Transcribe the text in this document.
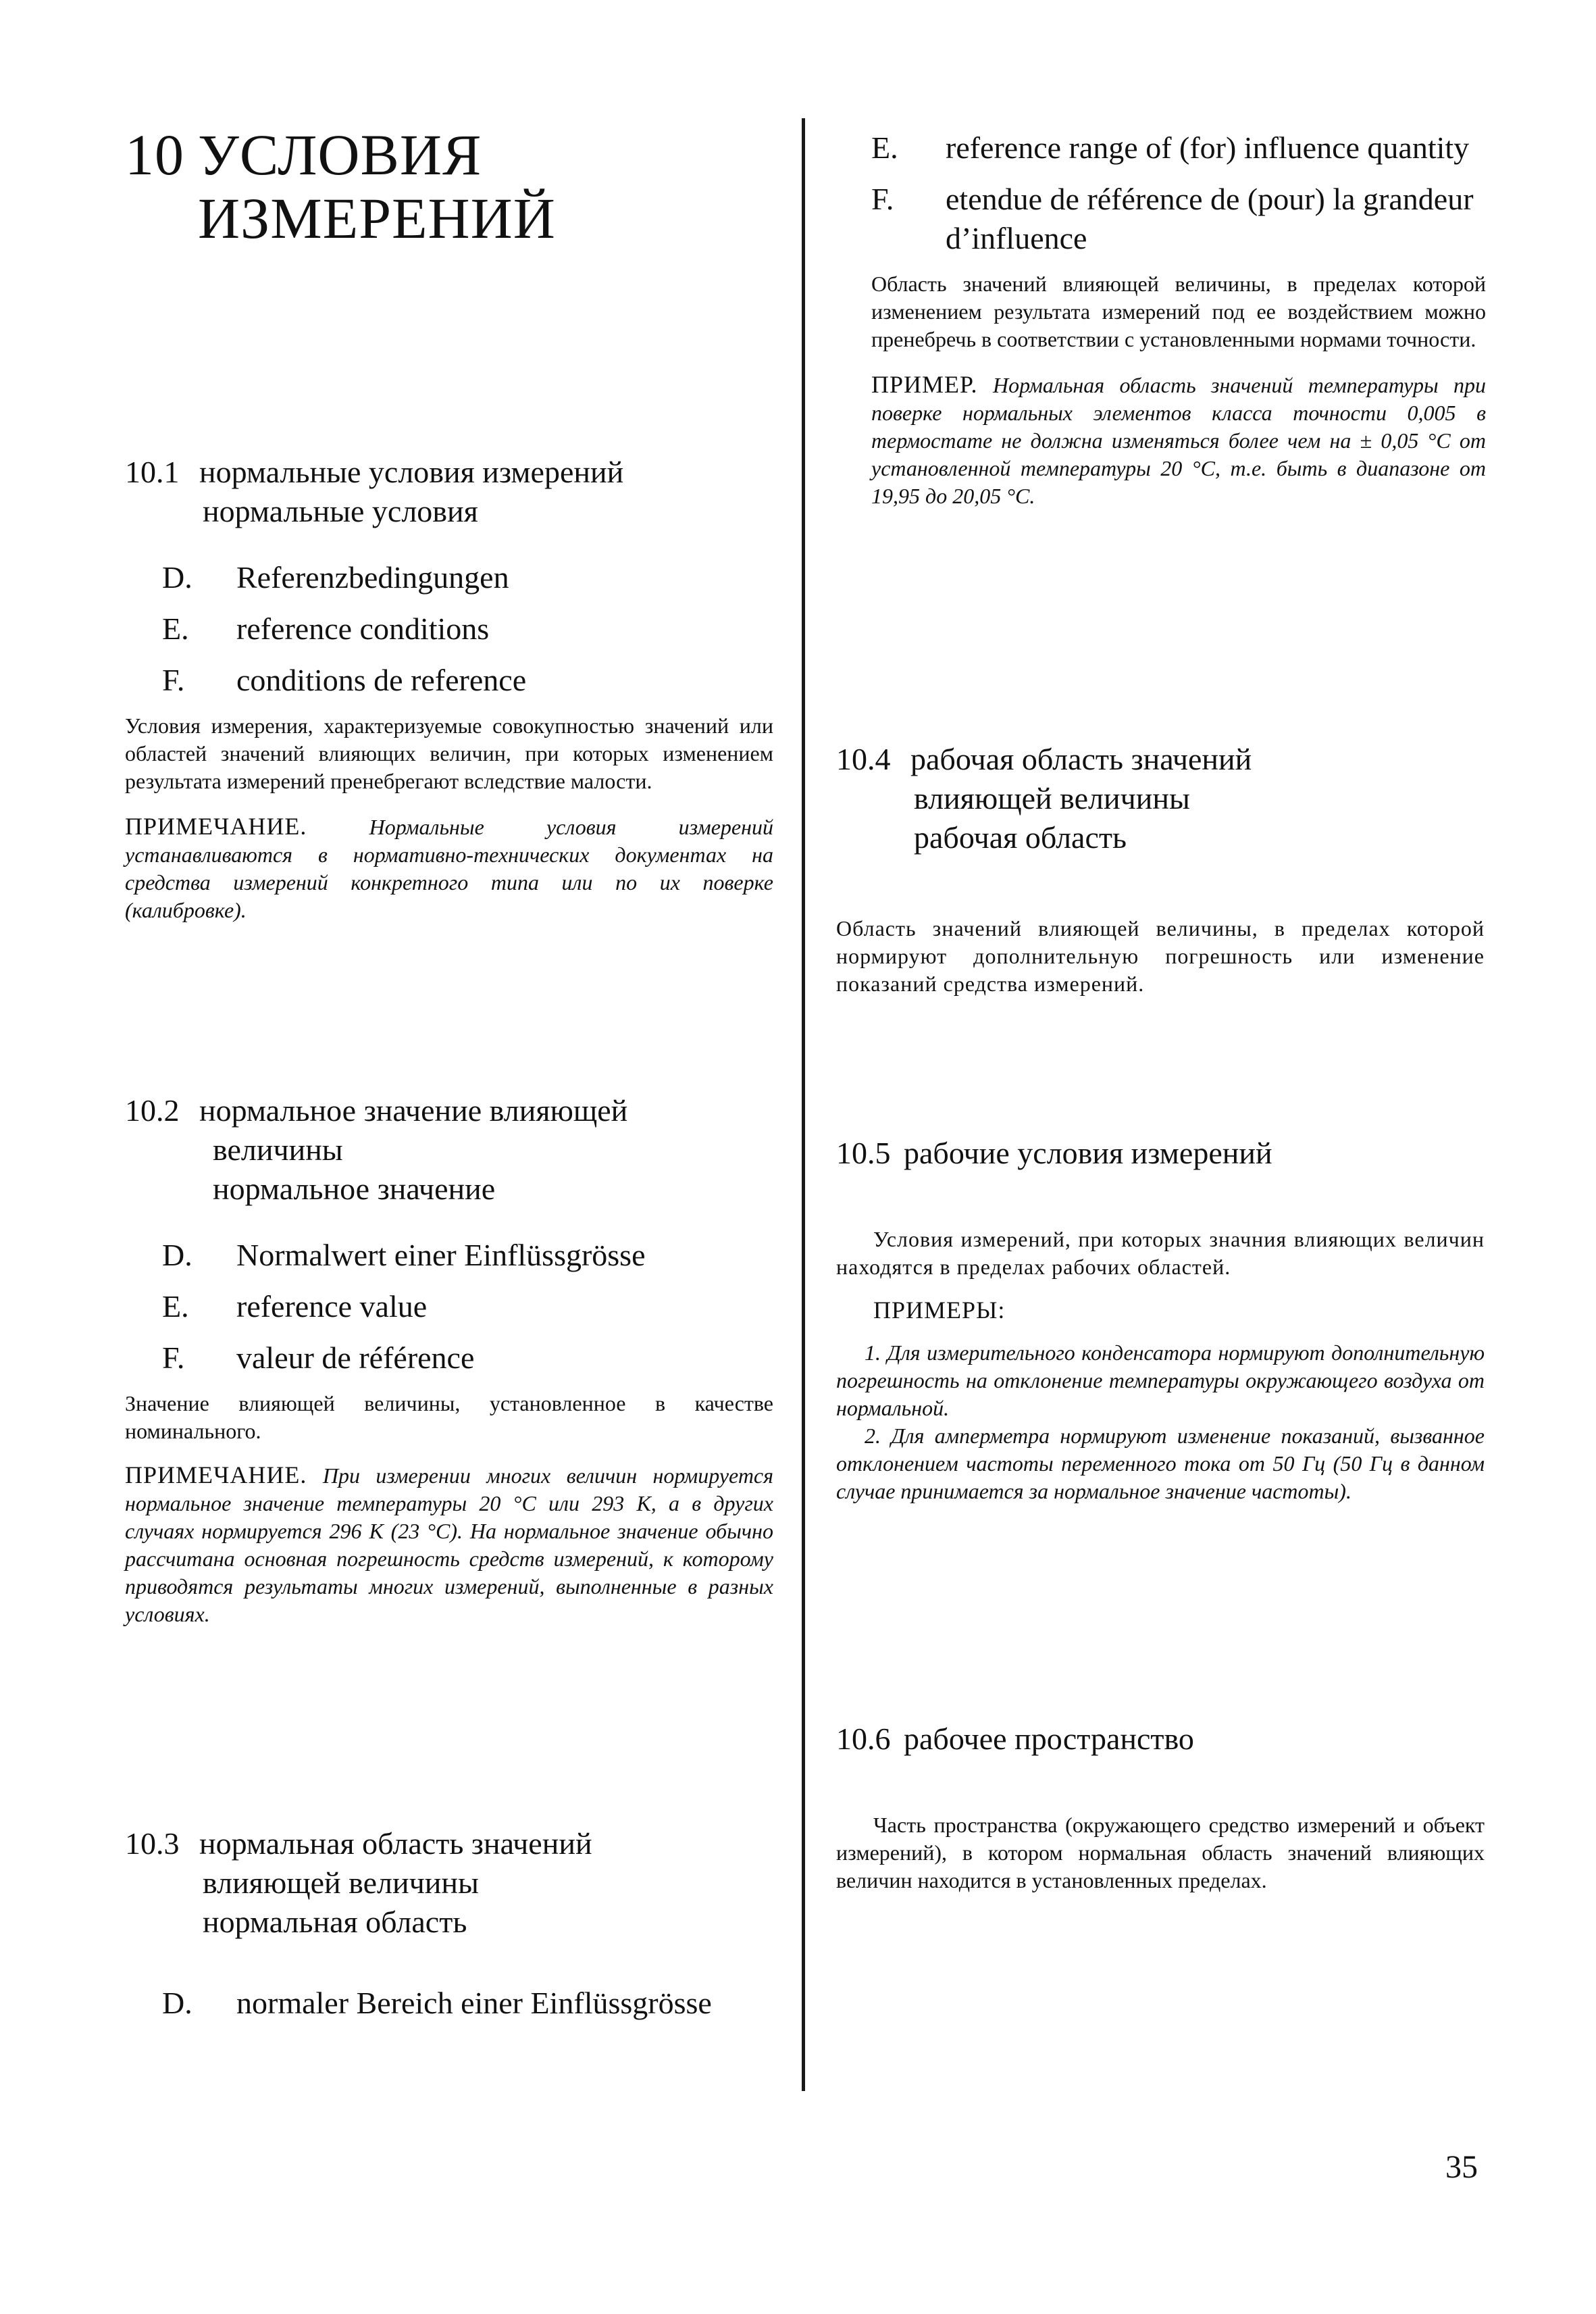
10 УСЛОВИЯ
ИЗМЕРЕНИЙ
10.1 нормальные условия измерений
нормальные условия
D.	Referenzbedingungen
E.	reference conditions
F.	conditions de reference
Условия измерения, характеризуемые совокупностью значений или областей значений влияющих величин, при которых изменением результата измерений пренебрегают вследствие малости.
ПРИМЕЧАНИЕ.	Нормальные условия измерений устанавливаются в нормативно-технических документах на средства измерений конкретного типа или по их поверке (калибровке).
10.2 нормальное значение влияющей
величины
нормальное значение
D.	Normalwert einer Einflüssgrösse
E.	reference value
F.	valeur de référence
Значение влияющей величины, установленное в качестве номинального.
ПРИМЕЧАНИЕ. При измерении многих величин нормируется нормальное значение температуры 20 °С или 293 К, а в других случаях нормируется 296 К (23 °С). На нормальное значение обычно рассчитана основная погрешность средств измерений, к которому приводятся результаты многих измерений, выполненные в разных условиях.
10.3 нормальная область значений
влияющей величины
нормальная область
D.	normaler Bereich einer Einflüssgrösse
E.	reference range of (for) influence quantity
F.	etendue de référence de (pour) la grandeur d’influence
Область значений влияющей величины, в пределах которой изменением результата измерений под ее воздействием можно пренебречь в соответствии с установленными нормами точности.
ПРИМЕР. Нормальная область значений температуры при поверке нормальных элементов класса точности 0,005 в термостате не должна изменяться более чем на ± 0,05 °С от установленной температуры 20 °С, т.е. быть в диапазоне от 19,95 до 20,05 °С.
10.4 рабочая область значений
влияющей величины
рабочая область
Область значений влияющей величины, в пределах которой нормируют дополнительную погрешность или изменение показаний средства измерений.
10.5 рабочие условия измерений
Условия измерений, при которых значния влияющих величин находятся в пределах рабочих областей.
ПРИМЕРЫ:
1. Для измерительного конденсатора нормируют дополнительную погрешность на отклонение температуры окружающего воздуха от нормальной.
2. Для амперметра нормируют изменение показаний, вызванное отклонением частоты переменного тока от 50 Гц (50 Гц в данном случае принимается за нормальное значение частоты).
10.6 рабочее пространство
Часть пространства (окружающего средство измерений и объект измерений), в котором нормальная область значений влияющих величин находится в установленных пределах.
35
